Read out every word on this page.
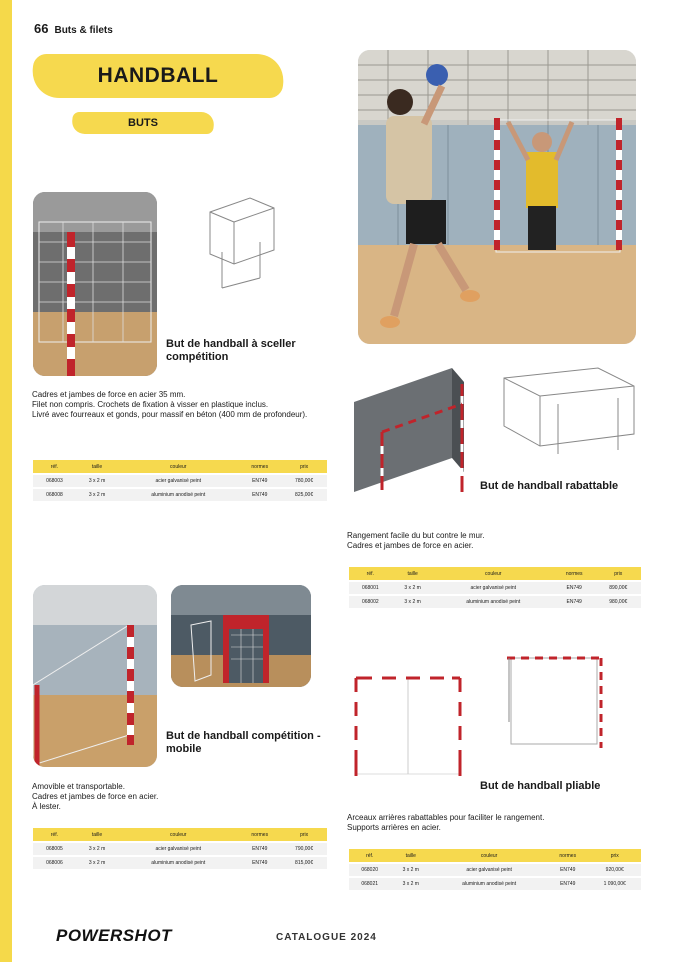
66 Buts & filets
HANDBALL
BUTS
But de handball à sceller compétition
Cadres et jambes de force en acier 35 mm.
Filet non compris. Crochets de fixation à visser en plastique inclus.
Livré avec fourreaux et gonds, pour massif en béton (400 mm de profondeur).
réf.	taille	couleur	normes	prix
068003	3 x 2 m	acier galvanisé peint	EN749	780,00€
068008	3 x 2 m	aluminium anodisé peint	EN749	825,00€
But de handball rabattable
Rangement facile du but contre le mur.
Cadres et jambes de force en acier.
réf.	taille	couleur	normes	prix
068001	3 x 2 m	acier galvanisé peint	EN749	890,00€
068002	3 x 2 m	aluminium anodisé peint	EN749	980,00€
But de handball compétition - mobile
Amovible et transportable.
Cadres et jambes de force en acier.
À lester.
réf.	taille	couleur	normes	prix
068005	3 x 2 m	acier galvanisé peint	EN749	790,00€
068006	3 x 2 m	aluminium anodisé peint	EN749	815,00€
But de handball pliable
Arceaux arrières rabattables pour faciliter le rangement.
Supports arrières en acier.
réf.	taille	couleur	normes	prix
068020	3 x 2 m	acier galvanisé peint	EN749	920,00€
068021	3 x 2 m	aluminium anodisé peint	EN749	1 090,00€
POWERSHOT	CATALOGUE 2024
